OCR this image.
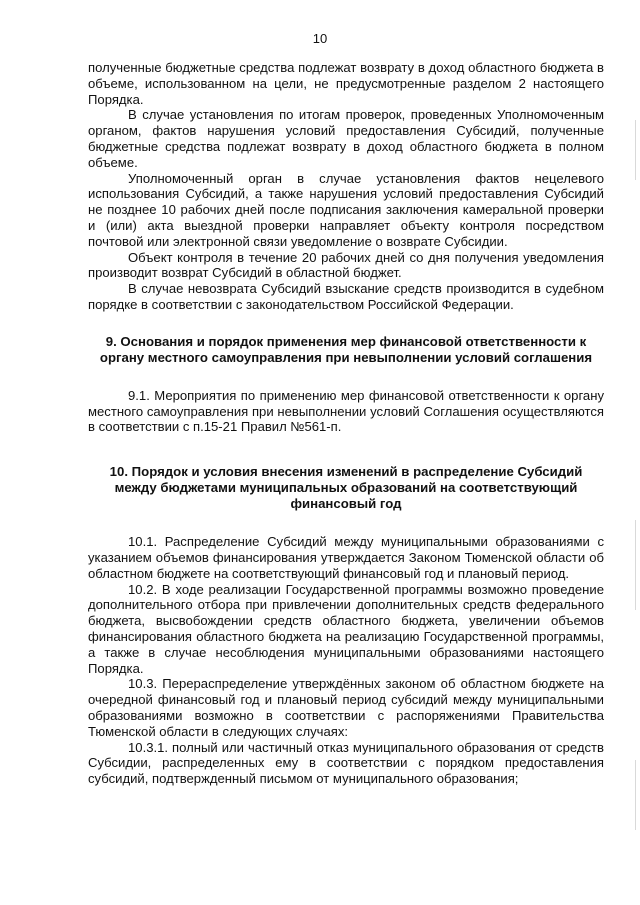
10

полученные бюджетные средства подлежат возврату в доход областного бюджета в объеме, использованном на цели, не предусмотренные разделом 2 настоящего Порядка.

В случае установления по итогам проверок, проведенных Уполномоченным органом, фактов нарушения условий предоставления Субсидий, полученные бюджетные средства подлежат возврату в доход областного бюджета в полном объеме.

Уполномоченный орган в случае установления фактов нецелевого использования Субсидий, а также нарушения условий предоставления Субсидий не позднее 10 рабочих дней после подписания заключения камеральной проверки и (или) акта выездной проверки направляет объекту контроля посредством почтовой или электронной связи уведомление о возврате Субсидии.

Объект контроля в течение 20 рабочих дней со дня получения уведомления производит возврат Субсидий в областной бюджет.

В случае невозврата Субсидий взыскание средств производится в судебном порядке в соответствии с законодательством Российской Федерации.

9. Основания и порядок применения мер финансовой ответственности к органу местного самоуправления при невыполнении условий соглашения

9.1. Мероприятия по применению мер финансовой ответственности к органу местного самоуправления при невыполнении условий Соглашения осуществляются в соответствии с п.15-21 Правил №561-п.

10. Порядок и условия внесения изменений в распределение Субсидий между бюджетами муниципальных образований на соответствующий финансовый год

10.1. Распределение Субсидий между муниципальными образованиями с указанием объемов финансирования утверждается Законом Тюменской области об областном бюджете на соответствующий финансовый год и плановый период.

10.2. В ходе реализации Государственной программы возможно проведение дополнительного отбора при привлечении дополнительных средств федерального бюджета, высвобождении средств областного бюджета, увеличении объемов финансирования областного бюджета на реализацию Государственной программы, а также в случае несоблюдения муниципальными образованиями настоящего Порядка.

10.3. Перераспределение утверждённых законом об областном бюджете на очередной финансовый год и плановый период субсидий между муниципальными образованиями возможно в соответствии с распоряжениями Правительства Тюменской области в следующих случаях:

10.3.1. полный или частичный отказ муниципального образования от средств Субсидии, распределенных ему в соответствии с порядком предоставления субсидий, подтвержденный письмом от муниципального образования;
